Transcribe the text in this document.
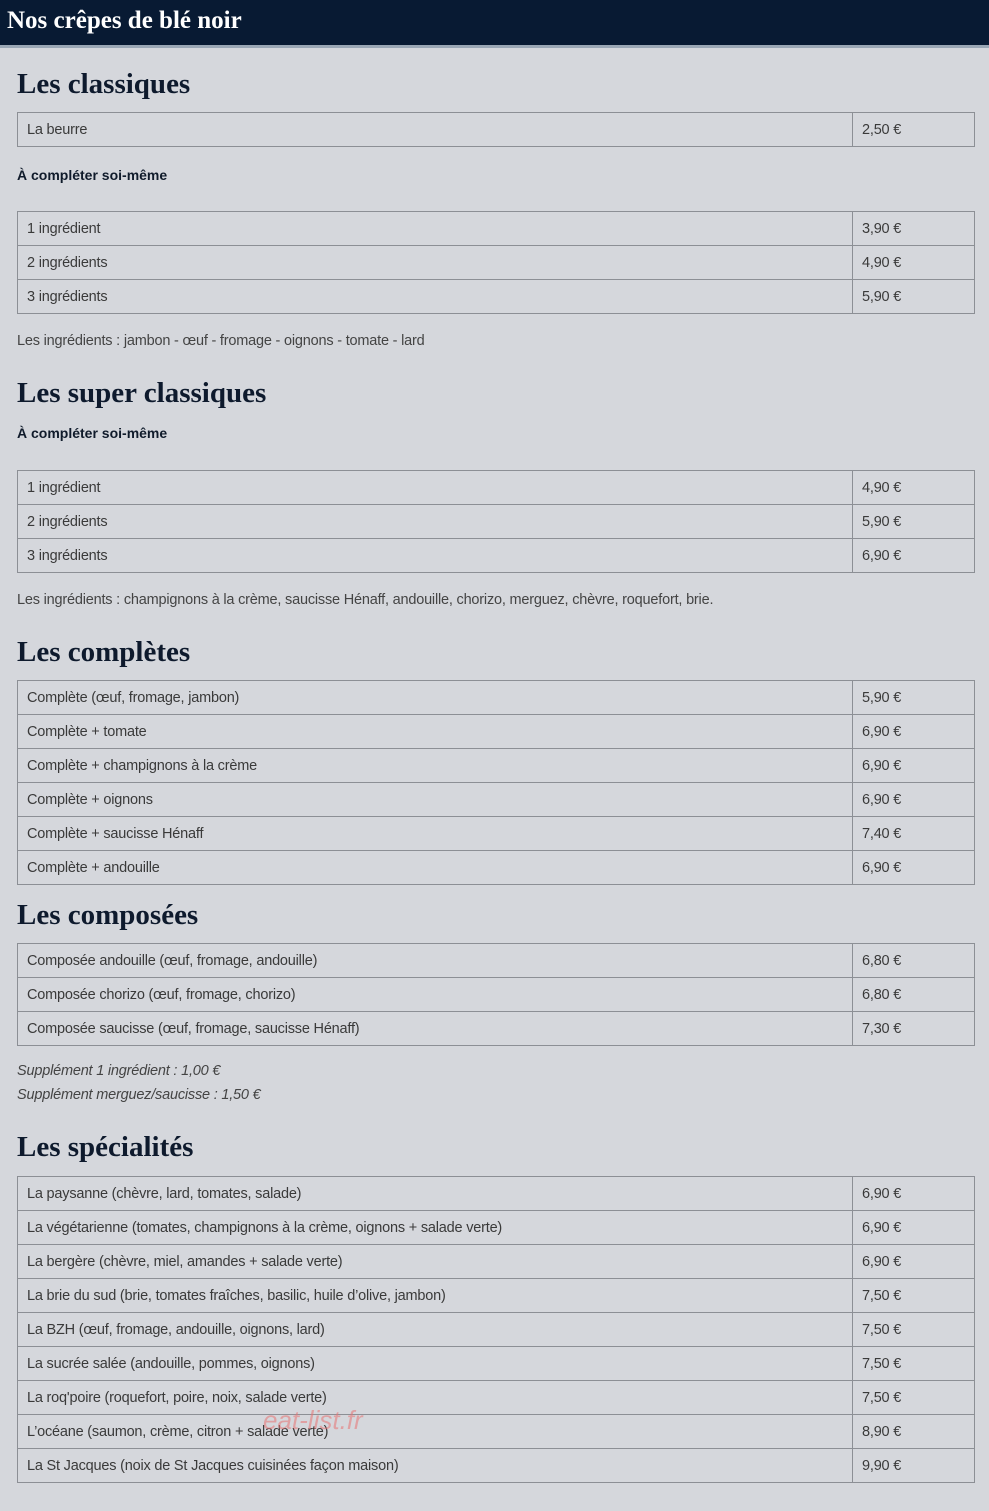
Nos crêpes de blé noir
Les classiques
La beurre	2,50 €

À compléter soi-même

1 ingrédient	3,90 €
2 ingrédients	4,90 €
3 ingrédients	5,90 €

Les ingrédients : jambon - œuf - fromage - oignons - tomate - lard

Les super classiques

À compléter soi-même

1 ingrédient	4,90 €
2 ingrédients	5,90 €
3 ingrédients	6,90 €

Les ingrédients : champignons à la crème, saucisse Hénaff, andouille, chorizo, merguez, chèvre, roquefort, brie.

Les complètes
Complète (œuf, fromage, jambon)	5,90 €
Complète + tomate	6,90 €
Complète + champignons à la crème	6,90 €
Complète + oignons	6,90 €
Complète + saucisse Hénaff	7,40 €
Complète + andouille	6,90 €
Les composées
Composée andouille (œuf, fromage, andouille)	6,80 €
Composée chorizo (œuf, fromage, chorizo)	6,80 €
Composée saucisse (œuf, fromage, saucisse Hénaff)	7,30 €

Supplément 1 ingrédient : 1,00 €

Supplément merguez/saucisse : 1,50 €

Les spécialités
La paysanne (chèvre, lard, tomates, salade)	6,90 €
La végétarienne (tomates, champignons à la crème, oignons + salade verte)	6,90 €
La bergère (chèvre, miel, amandes + salade verte)	6,90 €
La brie du sud (brie, tomates fraîches, basilic, huile d’olive, jambon)	7,50 €
La BZH (œuf, fromage, andouille, oignons, lard)	7,50 €
La sucrée salée (andouille, pommes, oignons)	7,50 €
La roq'poire (roquefort, poire, noix, salade verte)	7,50 €
L’océane (saumon, crème, citron + salade verte)	8,90 €
La St Jacques (noix de St Jacques cuisinées façon maison)	9,90 €
eat-list.fr
